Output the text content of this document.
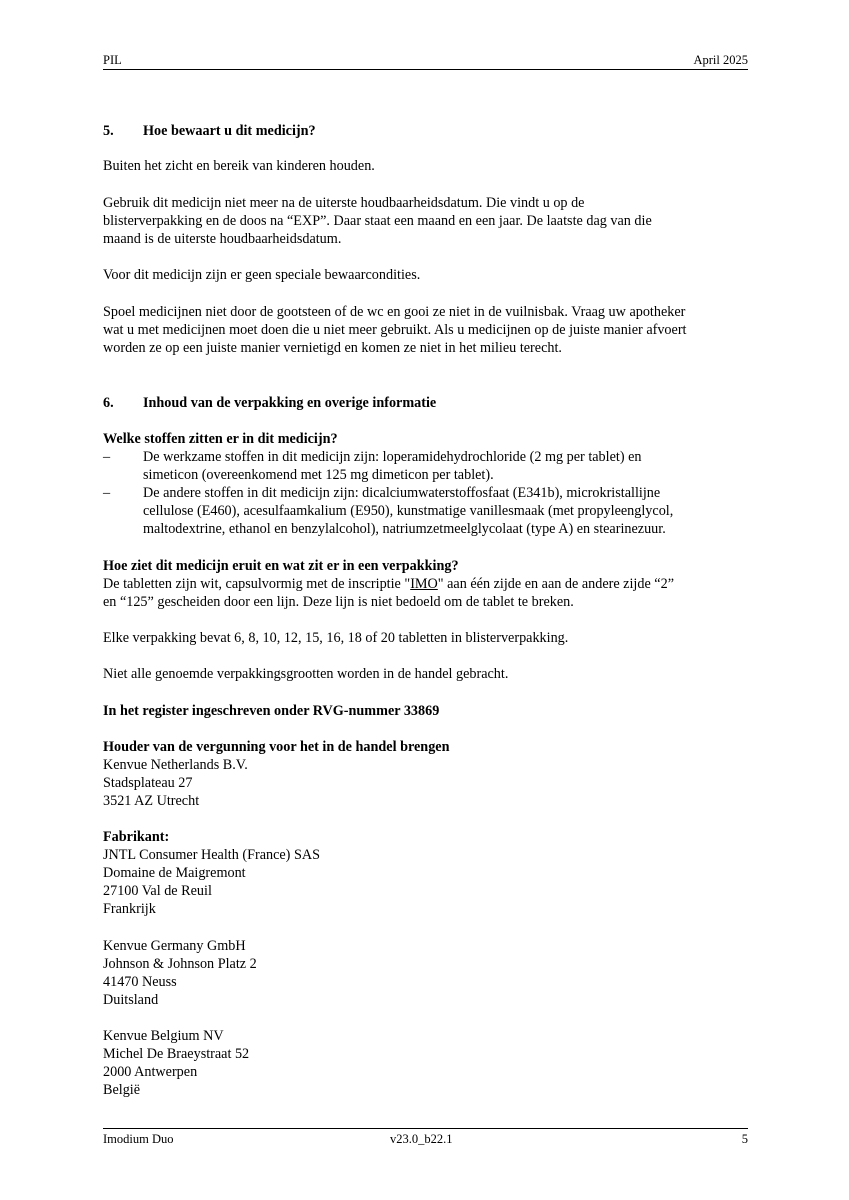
PIL	April 2025
5. Hoe bewaart u dit medicijn?
Buiten het zicht en bereik van kinderen houden.
Gebruik dit medicijn niet meer na de uiterste houdbaarheidsdatum. Die vindt u op de
blisterverpakking en de doos na “EXP”. Daar staat een maand en een jaar. De laatste dag van die
maand is de uiterste houdbaarheidsdatum.
Voor dit medicijn zijn er geen speciale bewaarcondities.
Spoel medicijnen niet door de gootsteen of de wc en gooi ze niet in de vuilnisbak. Vraag uw apotheker
wat u met medicijnen moet doen die u niet meer gebruikt. Als u medicijnen op de juiste manier afvoert
worden ze op een juiste manier vernietigd en komen ze niet in het milieu terecht.
6. Inhoud van de verpakking en overige informatie
Welke stoffen zitten er in dit medicijn?
– De werkzame stoffen in dit medicijn zijn: loperamidehydrochloride (2 mg per tablet) en
simeticon (overeenkomend met 125 mg dimeticon per tablet).
– De andere stoffen in dit medicijn zijn: dicalciumwaterstoffosfaat (E341b), microkristallijne
cellulose (E460), acesulfaamkalium (E950), kunstmatige vanillesmaak (met propyleenglycol,
maltodextrine, ethanol en benzylalcohol), natriumzetmeelglycolaat (type A) en stearinezuur.
Hoe ziet dit medicijn eruit en wat zit er in een verpakking?
De tabletten zijn wit, capsulvormig met de inscriptie "IMO" aan één zijde en aan de andere zijde “2”
en “125” gescheiden door een lijn. Deze lijn is niet bedoeld om de tablet te breken.
Elke verpakking bevat 6, 8, 10, 12, 15, 16, 18 of 20 tabletten in blisterverpakking.
Niet alle genoemde verpakkingsgrootten worden in de handel gebracht.
In het register ingeschreven onder RVG-nummer 33869
Houder van de vergunning voor het in de handel brengen
Kenvue Netherlands B.V.
Stadsplateau 27
3521 AZ Utrecht
Fabrikant:
JNTL Consumer Health (France) SAS
Domaine de Maigremont
27100 Val de Reuil
Frankrijk
Kenvue Germany GmbH
Johnson & Johnson Platz 2
41470 Neuss
Duitsland
Kenvue Belgium NV
Michel De Braeystraat 52
2000 Antwerpen
België
Imodium Duo	v23.0_b22.1	5
